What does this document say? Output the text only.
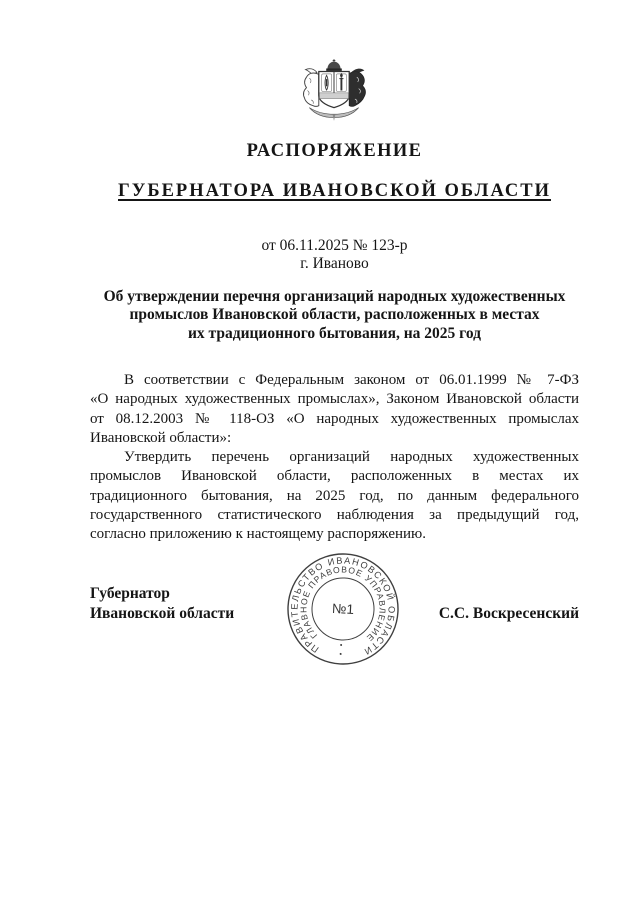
РАСПОРЯЖЕНИЕ
ГУБЕРНАТОРА ИВАНОВСКОЙ ОБЛАСТИ
от 06.11.2025 № 123-р
г. Иваново
Об утверждении перечня организаций народных художественных
промыслов Ивановской области, расположенных в местах
их традиционного бытования, на 2025 год
В соответствии с Федеральным законом от 06.01.1999 № 7-ФЗ
«О народных художественных промыслах», Законом Ивановской области
от 08.12.2003 № 118-ОЗ «О народных художественных промыслах
Ивановской области»:
Утвердить перечень организаций народных художественных
промыслов Ивановской области, расположенных в местах их
традиционного бытования, на 2025 год, по данным федерального
государственного статистического наблюдения за предыдущий год,
согласно приложению к настоящему распоряжению.
Губернатор
Ивановской области	С.С. Воскресенский
ПРАВИТЕЛЬСТВО ИВАНОВСКОЙ ОБЛАСТИ
ГЛАВНОЕ ПРАВОВОЕ УПРАВЛЕНИЕ
№1
